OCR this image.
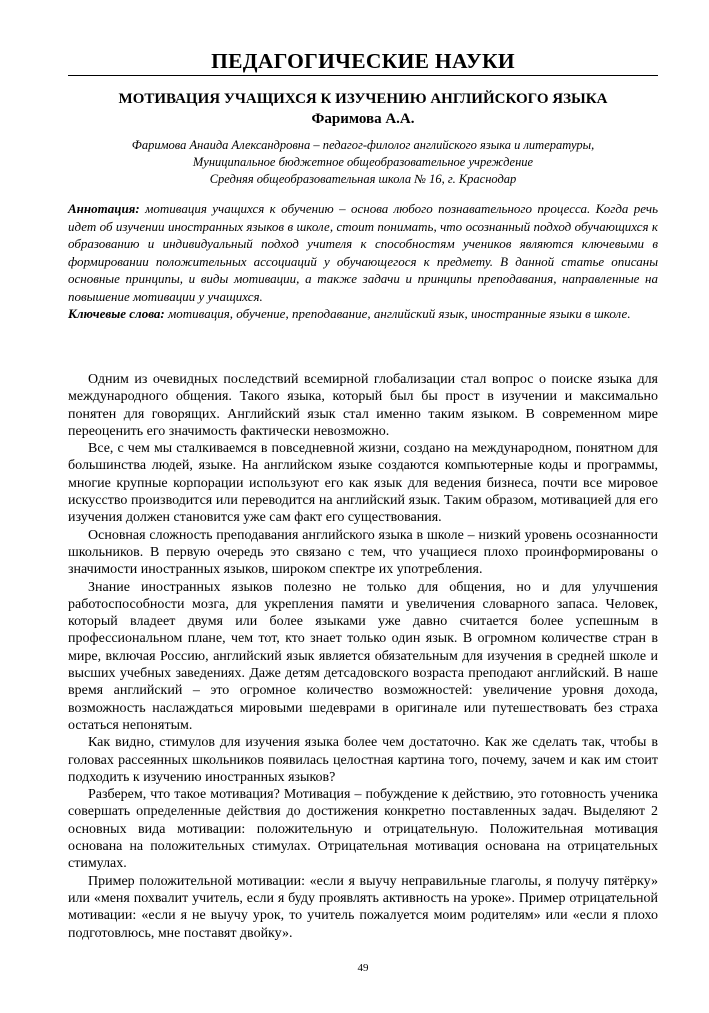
ПЕДАГОГИЧЕСКИЕ НАУКИ
МОТИВАЦИЯ УЧАЩИХСЯ К ИЗУЧЕНИЮ АНГЛИЙСКОГО ЯЗЫКА
Фаримова А.А.
Фаримова Анаида Александровна – педагог-филолог английского языка и литературы,
Муниципальное бюджетное общеобразовательное учреждение
Средняя общеобразовательная школа № 16, г. Краснодар

Аннотация: мотивация учащихся к обучению – основа любого познавательного процесса. Когда речь идет об изучении иностранных языков в школе, стоит понимать, что осознанный подход обучающихся к образованию и индивидуальный подход учителя к способностям учеников являются ключевыми в формировании положительных ассоциаций у обучающегося к предмету. В данной статье описаны основные принципы, и виды мотивации, а также задачи и принципы преподавания, направленные на повышение мотивации у учащихся.

Ключевые слова: мотивация, обучение, преподавание, английский язык, иностранные языки в школе.

Одним из очевидных последствий всемирной глобализации стал вопрос о поиске языка для международного общения. Такого языка, который был бы прост в изучении и максимально понятен для говорящих. Английский язык стал именно таким языком. В современном мире переоценить его значимость фактически невозможно.

Все, с чем мы сталкиваемся в повседневной жизни, создано на международном, понятном для большинства людей, языке. На английском языке создаются компьютерные коды и программы, многие крупные корпорации используют его как язык для ведения бизнеса, почти все мировое искусство производится или переводится на английский язык. Таким образом, мотивацией для его изучения должен становится уже сам факт его существования.

Основная сложность преподавания английского языка в школе – низкий уровень осознанности школьников. В первую очередь это связано с тем, что учащиеся плохо проинформированы о значимости иностранных языков, широком спектре их употребления.

Знание иностранных языков полезно не только для общения, но и для улучшения работоспособности мозга, для укрепления памяти и увеличения словарного запаса. Человек, который владеет двумя или более языками уже давно считается более успешным в профессиональном плане, чем тот, кто знает только один язык. В огромном количестве стран в мире, включая Россию, английский язык является обязательным для изучения в средней школе и высших учебных заведениях. Даже детям детсадовского возраста преподают английский. В наше время английский – это огромное количество возможностей: увеличение уровня дохода, возможность наслаждаться мировыми шедеврами в оригинале или путешествовать без страха остаться непонятым.

Как видно, стимулов для изучения языка более чем достаточно. Как же сделать так, чтобы в головах рассеянных школьников появилась целостная картина того, почему, зачем и как им стоит подходить к изучению иностранных языков?

Разберем, что такое мотивация? Мотивация – побуждение к действию, это готовность ученика совершать определенные действия до достижения конкретно поставленных задач. Выделяют 2 основных вида мотивации: положительную и отрицательную. Положительная мотивация основана на положительных стимулах. Отрицательная мотивация основана на отрицательных стимулах.

Пример положительной мотивации: «если я выучу неправильные глаголы, я получу пятёрку» или «меня похвалит учитель, если я буду проявлять активность на уроке». Пример отрицательной мотивации: «если я не выучу урок, то учитель пожалуется моим родителям» или «если я плохо подготовлюсь, мне поставят двойку».

49
